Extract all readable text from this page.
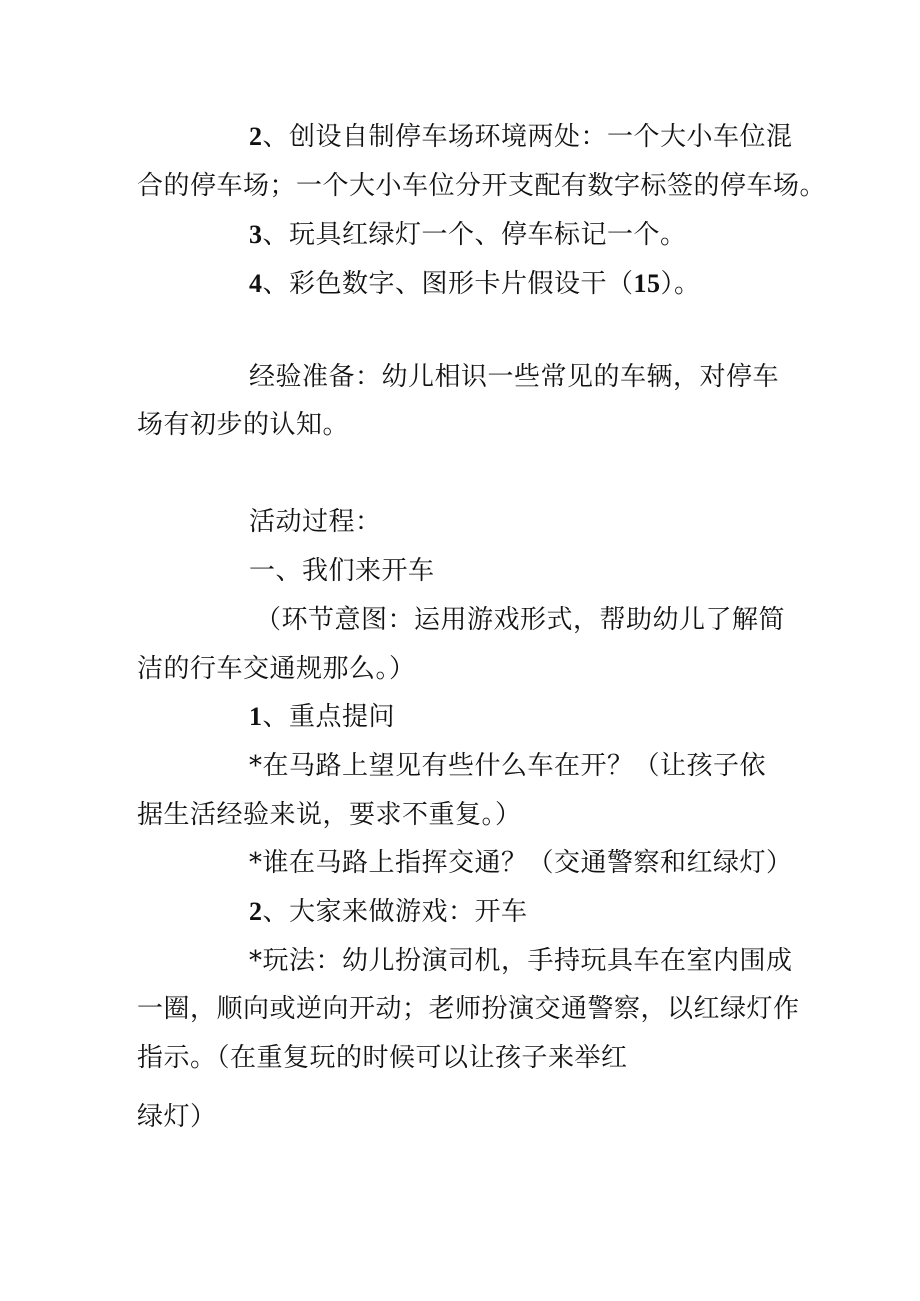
2、创设自制停车场环境两处：一个大小车位混
合的停车场；一个大小车位分开支配有数字标签的停车场。
3、玩具红绿灯一个、停车标记一个。
4、彩色数字、图形卡片假设干（15）。
经验准备：幼儿相识一些常见的车辆，对停车
场有初步的认知。
活动过程：
一、我们来开车
（环节意图：运用游戏形式，帮助幼儿了解简
洁的行车交通规那么。）
1、重点提问
*在马路上望见有些什么车在开？（让孩子依
据生活经验来说，要求不重复。）
*谁在马路上指挥交通？（交通警察和红绿灯）
2、大家来做游戏：开车
*玩法：幼儿扮演司机，手持玩具车在室内围成
一圈，顺向或逆向开动；老师扮演交通警察，以红绿灯作
指示。（在重复玩的时候可以让孩子来举红
绿灯）
